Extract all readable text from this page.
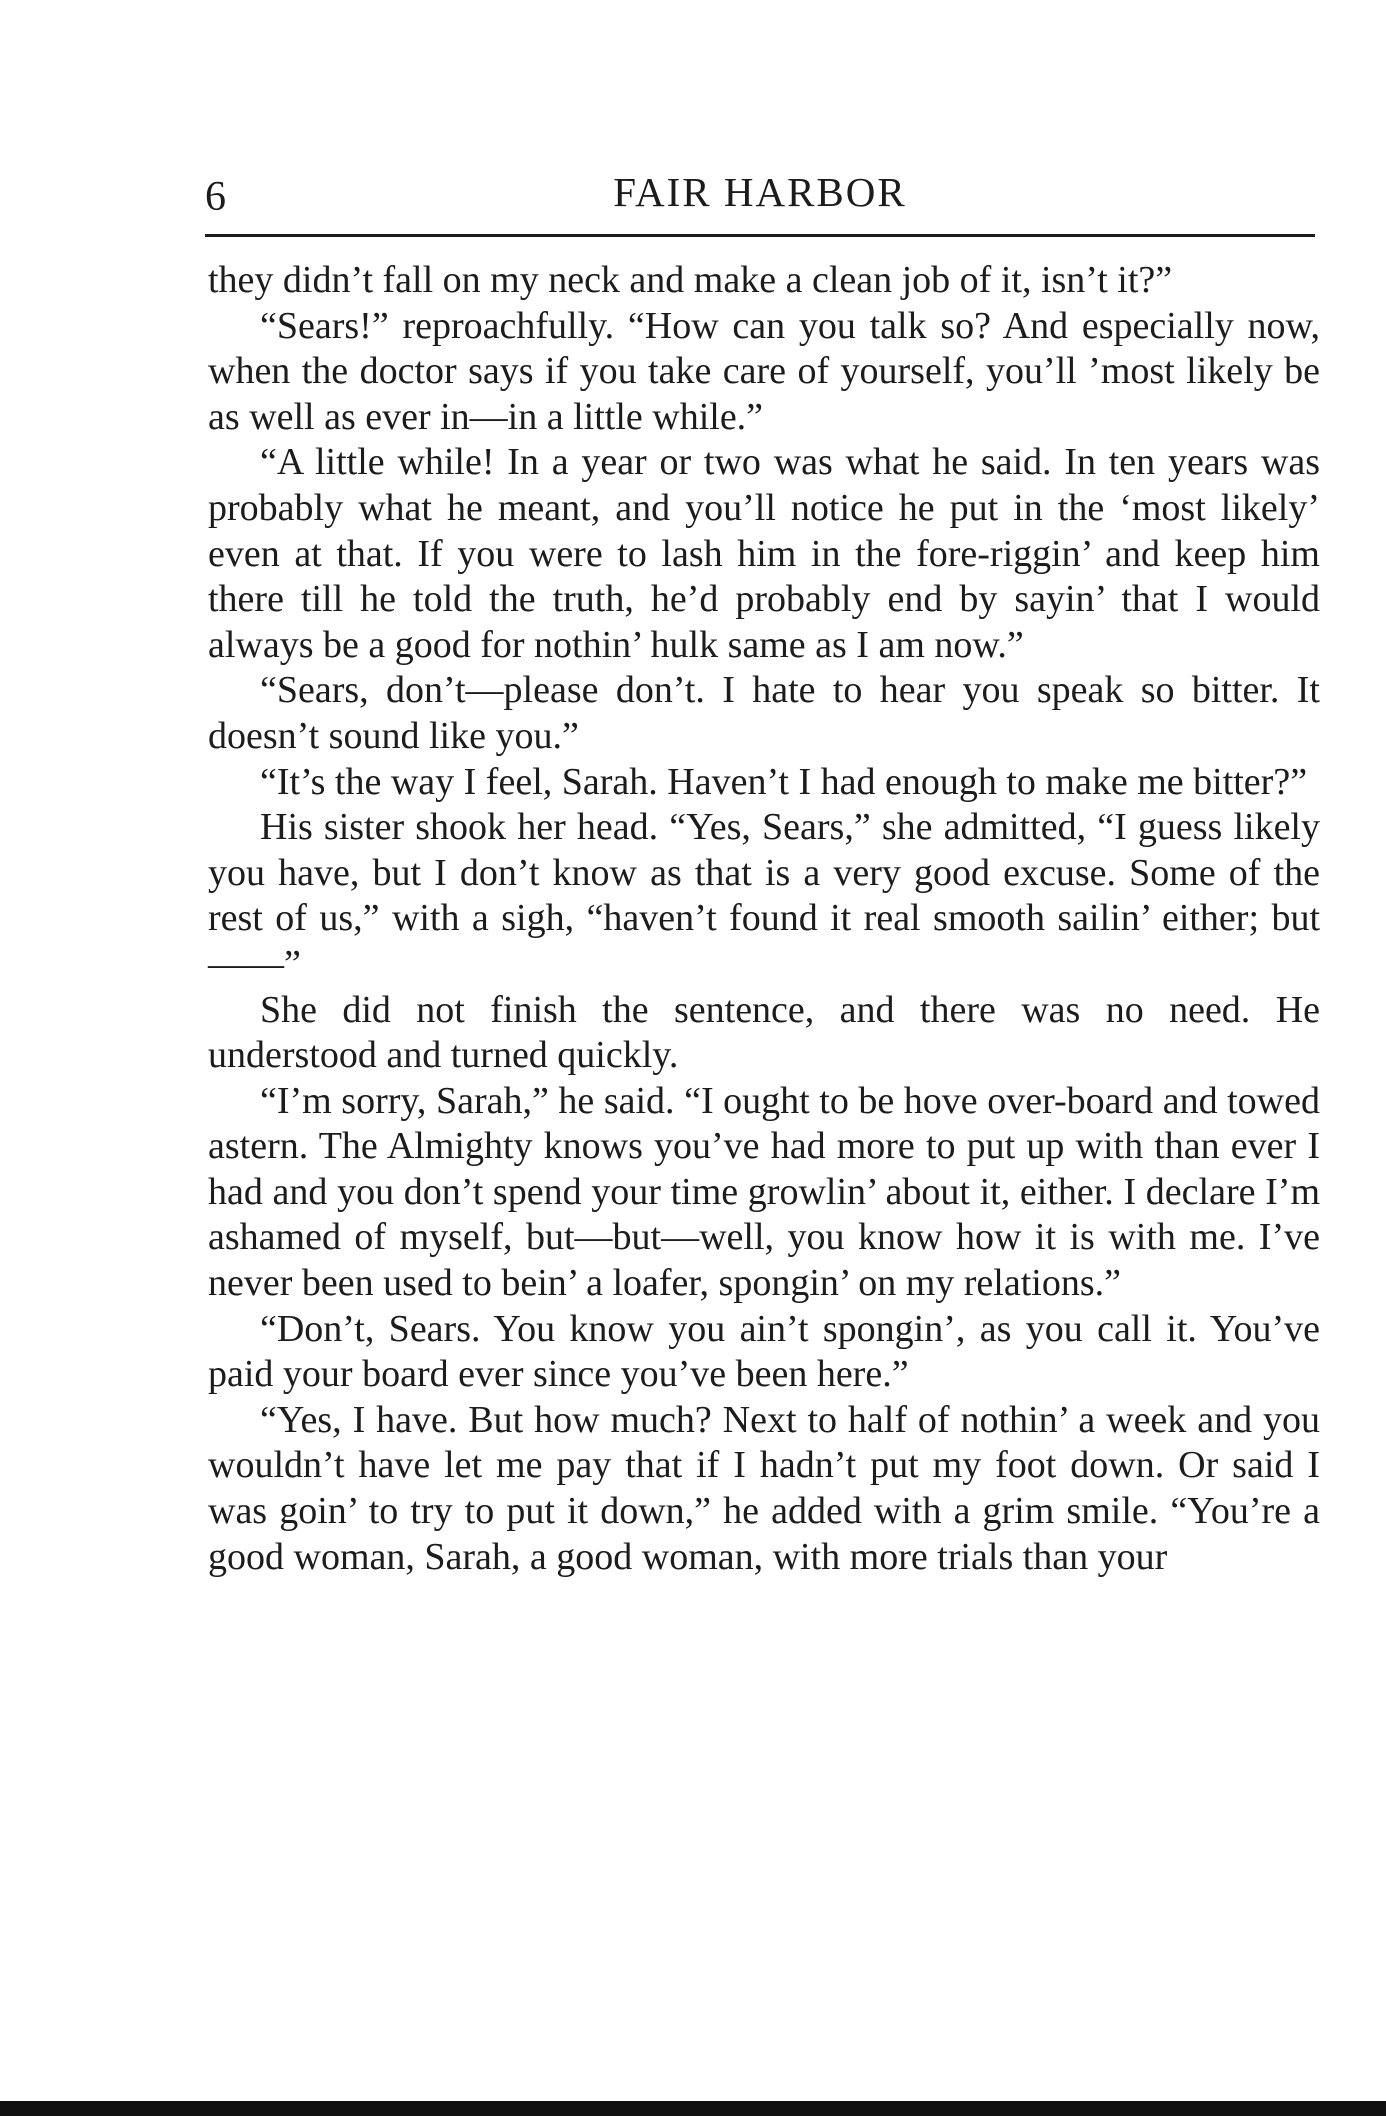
6	FAIR HARBOR

they didn’t fall on my neck and make a clean job of it, isn’t it?”

“Sears!” reproachfully. “How can you talk so? And especially now, when the doctor says if you take care of yourself, you’ll ’most likely be as well as ever in—in a little while.”

“A little while! In a year or two was what he said. In ten years was probably what he meant, and you’ll notice he put in the ‘most likely’ even at that. If you were to lash him in the fore-riggin’ and keep him there till he told the truth, he’d probably end by sayin’ that I would always be a good for nothin’ hulk same as I am now.”

“Sears, don’t—please don’t. I hate to hear you speak so bitter. It doesn’t sound like you.”

“It’s the way I feel, Sarah. Haven’t I had enough to make me bitter?”

His sister shook her head. “Yes, Sears,” she admitted, “I guess likely you have, but I don’t know as that is a very good excuse. Some of the rest of us,” with a sigh, “haven’t found it real smooth sailin’ either; but——”

She did not finish the sentence, and there was no need. He understood and turned quickly.

“I’m sorry, Sarah,” he said. “I ought to be hove over-board and towed astern. The Almighty knows you’ve had more to put up with than ever I had and you don’t spend your time growlin’ about it, either. I declare I’m ashamed of myself, but—but—well, you know how it is with me. I’ve never been used to bein’ a loafer, spongin’ on my relations.”

“Don’t, Sears. You know you ain’t spongin’, as you call it. You’ve paid your board ever since you’ve been here.”

“Yes, I have. But how much? Next to half of nothin’ a week and you wouldn’t have let me pay that if I hadn’t put my foot down. Or said I was goin’ to try to put it down,” he added with a grim smile. “You’re a good woman, Sarah, a good woman, with more trials than your
